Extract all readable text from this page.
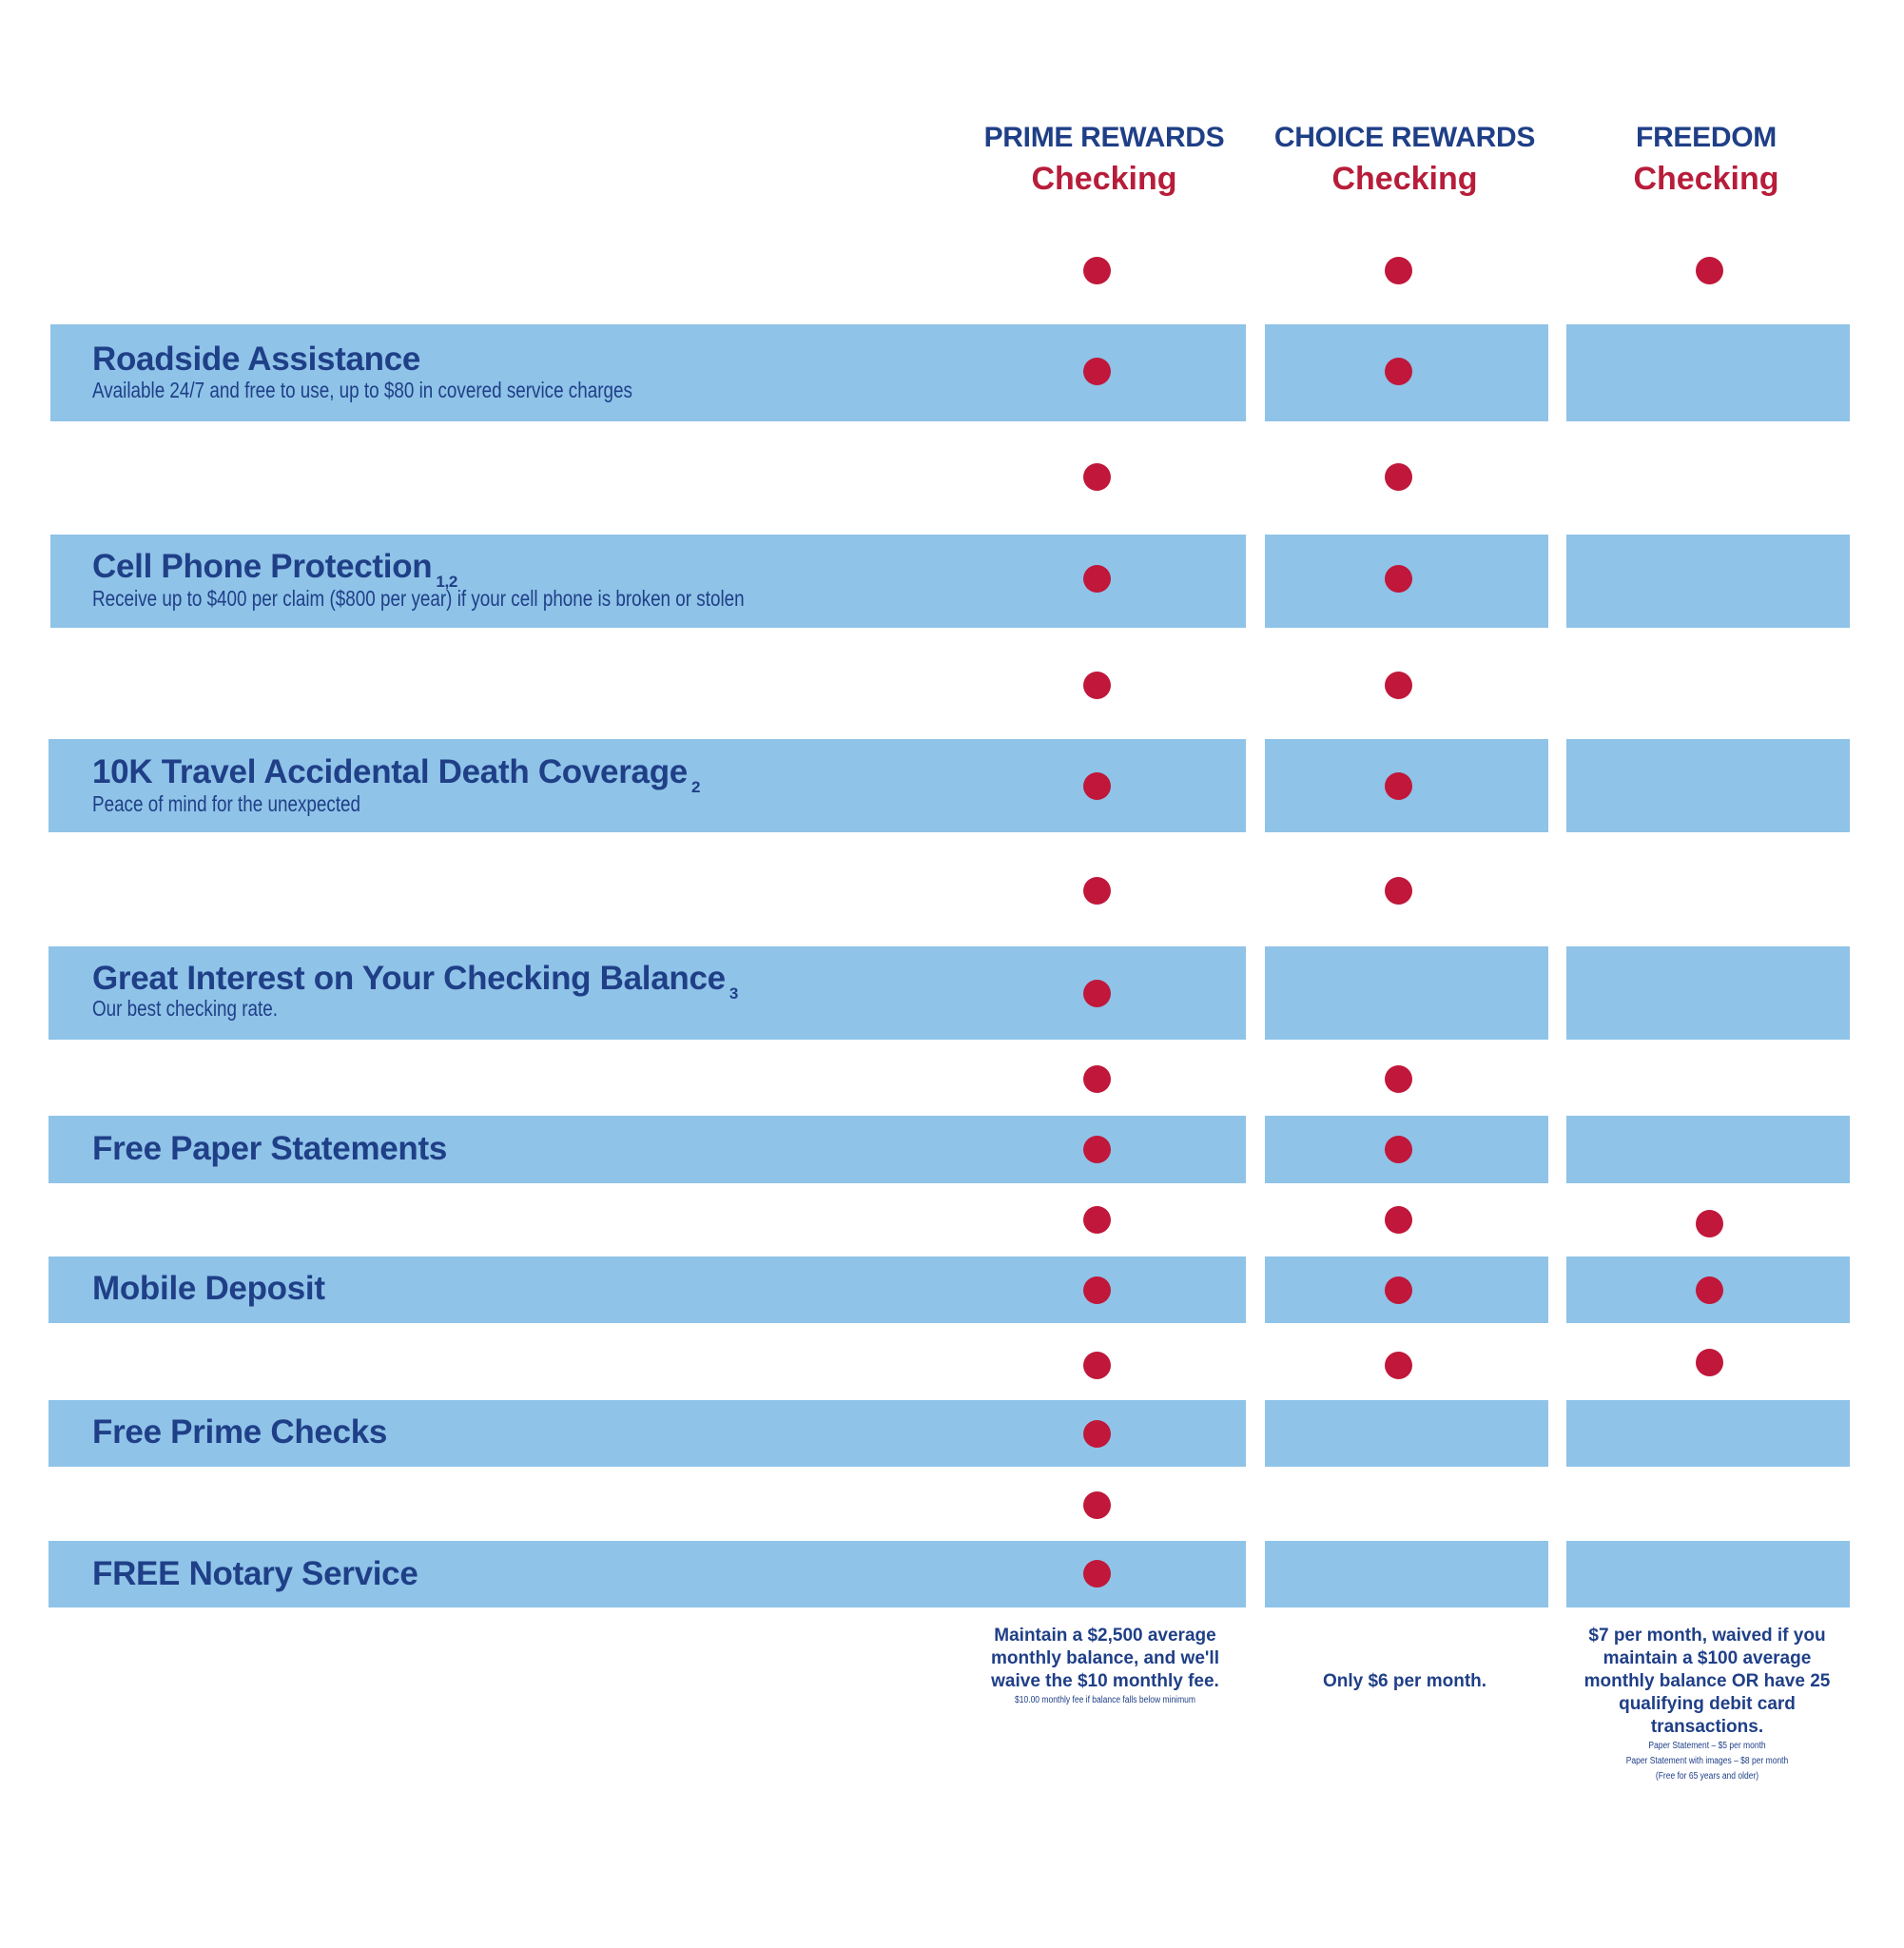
PRIME REWARDS
Checking
CHOICE REWARDS
Checking
FREEDOM
Checking
Roadside Assistance
Available 24/7 and free to use, up to $80 in covered service charges
Cell Phone Protection $^{1,2}$
Receive up to $400 per claim ($800 per year) if your cell phone is broken or stolen
10K Travel Accidental Death Coverage $^2$
Peace of mind for the unexpected
Great Interest on Your Checking Balance $^3$
Our best checking rate.
Free Paper Statements
Mobile Deposit
Free Prime Checks
FREE Notary Service
Maintain a $2,500 average monthly balance, and we'll waive the $10 monthly fee.
$10.00 monthly fee if balance falls below minimum
Only $6 per month.
$7 per month, waived if you maintain a $100 average monthly balance OR have 25 qualifying debit card transactions.
Paper Statement – $5 per month
Paper Statement with images – $8 per month
(Free for 65 years and older)
